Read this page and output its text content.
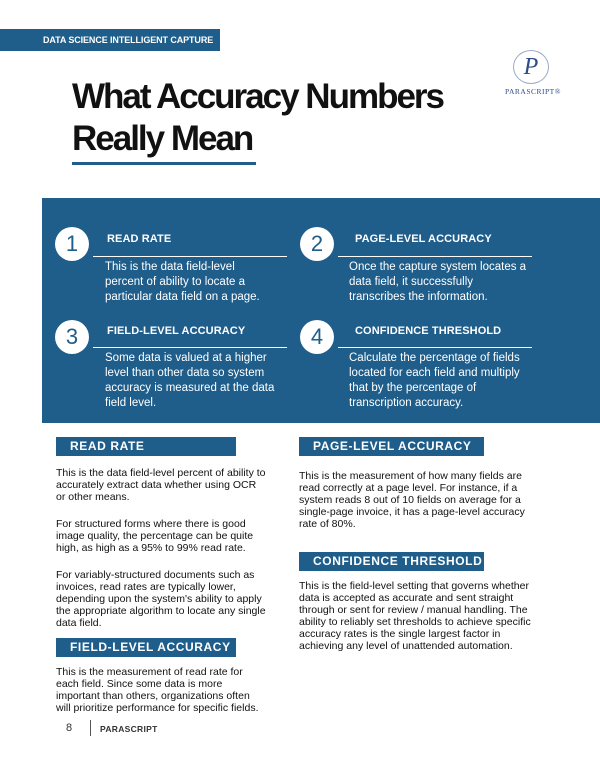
DATA SCIENCE INTELLIGENT CAPTURE
P
PARASCRIPT®
What Accuracy Numbers
Really Mean
1	READ RATE
This is the data field-level
percent of ability to locate a
particular data field on a page.
2	PAGE-LEVEL ACCURACY
Once the capture system locates a
data field, it successfully
transcribes the information.
3	FIELD-LEVEL ACCURACY
Some data is valued at a higher
level than other data so system
accuracy is measured at the data
field level.
4	CONFIDENCE THRESHOLD
Calculate the percentage of fields
located for each field and multiply
that by the percentage of
transcription accuracy.
READ RATE
This is the data field-level percent of ability to
accurately extract data whether using OCR
or other means.
For structured forms where there is good
image quality, the percentage can be quite
high, as high as a 95% to 99% read rate.
For variably-structured documents such as
invoices, read rates are typically lower,
depending upon the system's ability to apply
the appropriate algorithm to locate any single
data field.
FIELD-LEVEL ACCURACY
This is the measurement of read rate for
each field. Since some data is more
important than others, organizations often
will prioritize performance for specific fields.
PAGE-LEVEL ACCURACY
This is the measurement of how many fields are
read correctly at a page level. For instance, if a
system reads 8 out of 10 fields on average for a
single-page invoice, it has a page-level accuracy
rate of 80%.
CONFIDENCE THRESHOLD
This is the field-level setting that governs whether
data is accepted as accurate and sent straight
through or sent for review / manual handling. The
ability to reliably set thresholds to achieve specific
accuracy rates is the single largest factor in
achieving any level of unattended automation.
8	PARASCRIPT
